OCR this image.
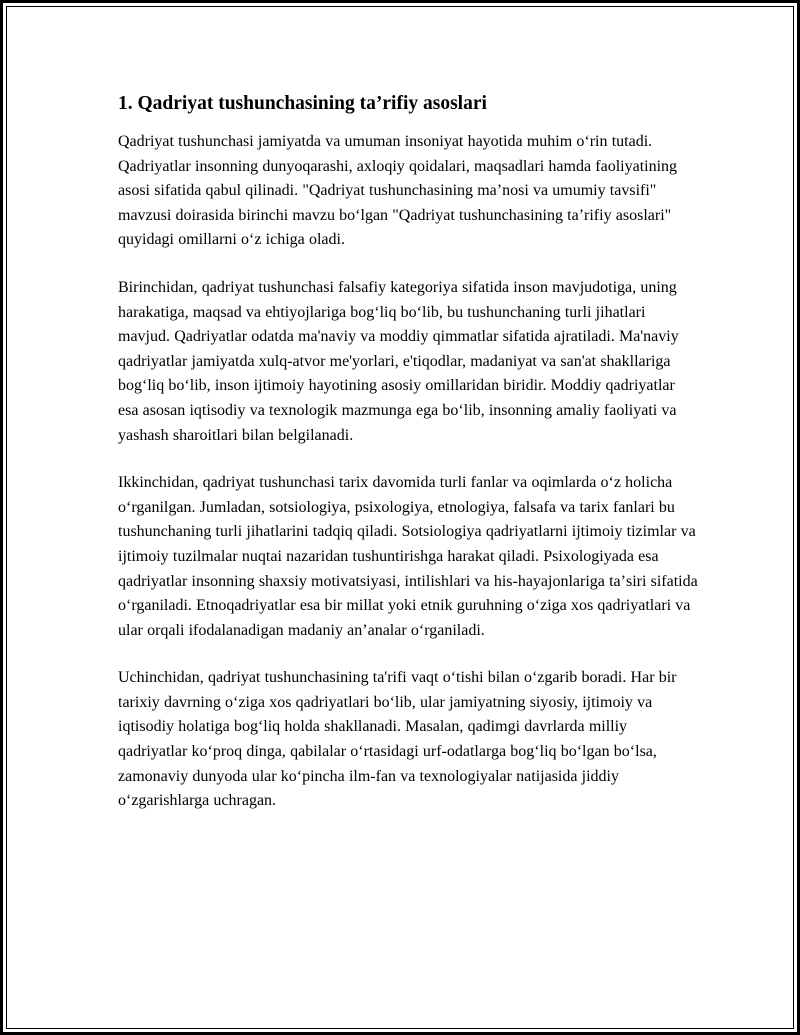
1. Qadriyat tushunchasining ta’rifiy asoslari

Qadriyat tushunchasi jamiyatda va umuman insoniyat hayotida muhim oʻrin tutadi. Qadriyatlar insonning dunyoqarashi, axloqiy qoidalari, maqsadlari hamda faoliyatining asosi sifatida qabul qilinadi. "Qadriyat tushunchasining maʼnosi va umumiy tavsifi" mavzusi doirasida birinchi mavzu boʻlgan "Qadriyat tushunchasining taʼrifiy asoslari" quyidagi omillarni oʻz ichiga oladi.

Birinchidan, qadriyat tushunchasi falsafiy kategoriya sifatida inson mavjudotiga, uning harakatiga, maqsad va ehtiyojlariga bogʻliq boʻlib, bu tushunchaning turli jihatlari mavjud. Qadriyatlar odatda ma'naviy va moddiy qimmatlar sifatida ajratiladi. Ma'naviy qadriyatlar jamiyatda xulq-atvor me'yorlari, e'tiqodlar, madaniyat va san'at shakllariga bogʻliq boʻlib, inson ijtimoiy hayotining asosiy omillaridan biridir. Moddiy qadriyatlar esa asosan iqtisodiy va texnologik mazmunga ega boʻlib, insonning amaliy faoliyati va yashash sharoitlari bilan belgilanadi.

Ikkinchidan, qadriyat tushunchasi tarix davomida turli fanlar va oqimlarda oʻz holicha oʻrganilgan. Jumladan, sotsiologiya, psixologiya, etnologiya, falsafa va tarix fanlari bu tushunchaning turli jihatlarini tadqiq qiladi. Sotsiologiya qadriyatlarni ijtimoiy tizimlar va ijtimoiy tuzilmalar nuqtai nazaridan tushuntirishga harakat qiladi. Psixologiyada esa qadriyatlar insonning shaxsiy motivatsiyasi, intilishlari va his-hayajonlariga taʼsiri sifatida oʻrganiladi. Etnoqadriyatlar esa bir millat yoki etnik guruhning oʻziga xos qadriyatlari va ular orqali ifodalanadigan madaniy anʼanalar oʻrganiladi.

Uchinchidan, qadriyat tushunchasining ta'rifi vaqt oʻtishi bilan oʻzgarib boradi. Har bir tarixiy davrning oʻziga xos qadriyatlari boʻlib, ular jamiyatning siyosiy, ijtimoiy va iqtisodiy holatiga bogʻliq holda shakllanadi. Masalan, qadimgi davrlarda milliy qadriyatlar koʻproq dinga, qabilalar oʻrtasidagi urf-odatlarga bogʻliq boʻlgan boʻlsa, zamonaviy dunyoda ular koʻpincha ilm-fan va texnologiyalar natijasida jiddiy oʻzgarishlarga uchragan.
